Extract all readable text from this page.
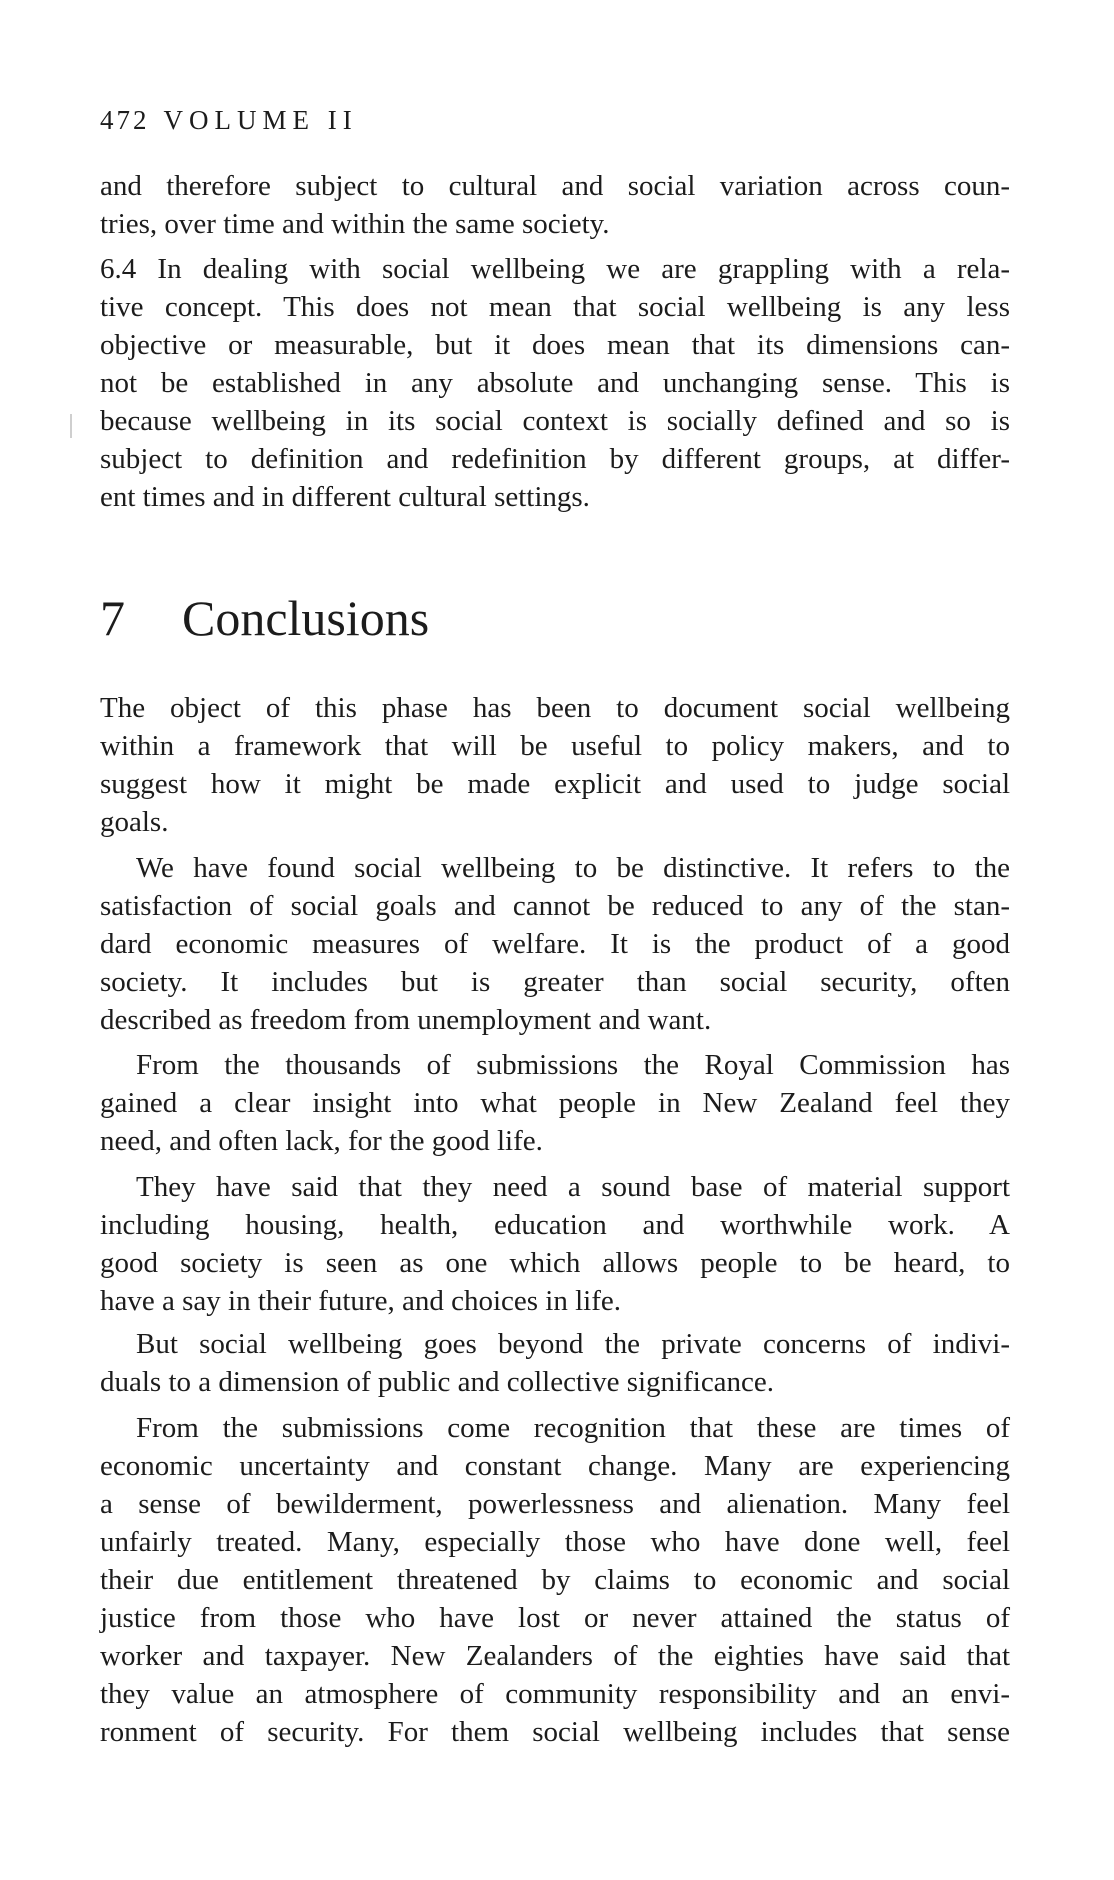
472 VOLUME II
and therefore subject to cultural and social variation across coun-
tries, over time and within the same society.
6.4 In dealing with social wellbeing we are grappling with a rela-
tive concept. This does not mean that social wellbeing is any less
objective or measurable, but it does mean that its dimensions can-
not be established in any absolute and unchanging sense. This is
because wellbeing in its social context is socially defined and so is
subject to definition and redefinition by different groups, at differ-
ent times and in different cultural settings.
7 Conclusions
The object of this phase has been to document social wellbeing
within a framework that will be useful to policy makers, and to
suggest how it might be made explicit and used to judge social
goals.
We have found social wellbeing to be distinctive. It refers to the
satisfaction of social goals and cannot be reduced to any of the stan-
dard economic measures of welfare. It is the product of a good
society. It includes but is greater than social security, often
described as freedom from unemployment and want.
From the thousands of submissions the Royal Commission has
gained a clear insight into what people in New Zealand feel they
need, and often lack, for the good life.
They have said that they need a sound base of material support
including housing, health, education and worthwhile work. A
good society is seen as one which allows people to be heard, to
have a say in their future, and choices in life.
But social wellbeing goes beyond the private concerns of indivi-
duals to a dimension of public and collective significance.
From the submissions come recognition that these are times of
economic uncertainty and constant change. Many are experiencing
a sense of bewilderment, powerlessness and alienation. Many feel
unfairly treated. Many, especially those who have done well, feel
their due entitlement threatened by claims to economic and social
justice from those who have lost or never attained the status of
worker and taxpayer. New Zealanders of the eighties have said that
they value an atmosphere of community responsibility and an envi-
ronment of security. For them social wellbeing includes that sense
